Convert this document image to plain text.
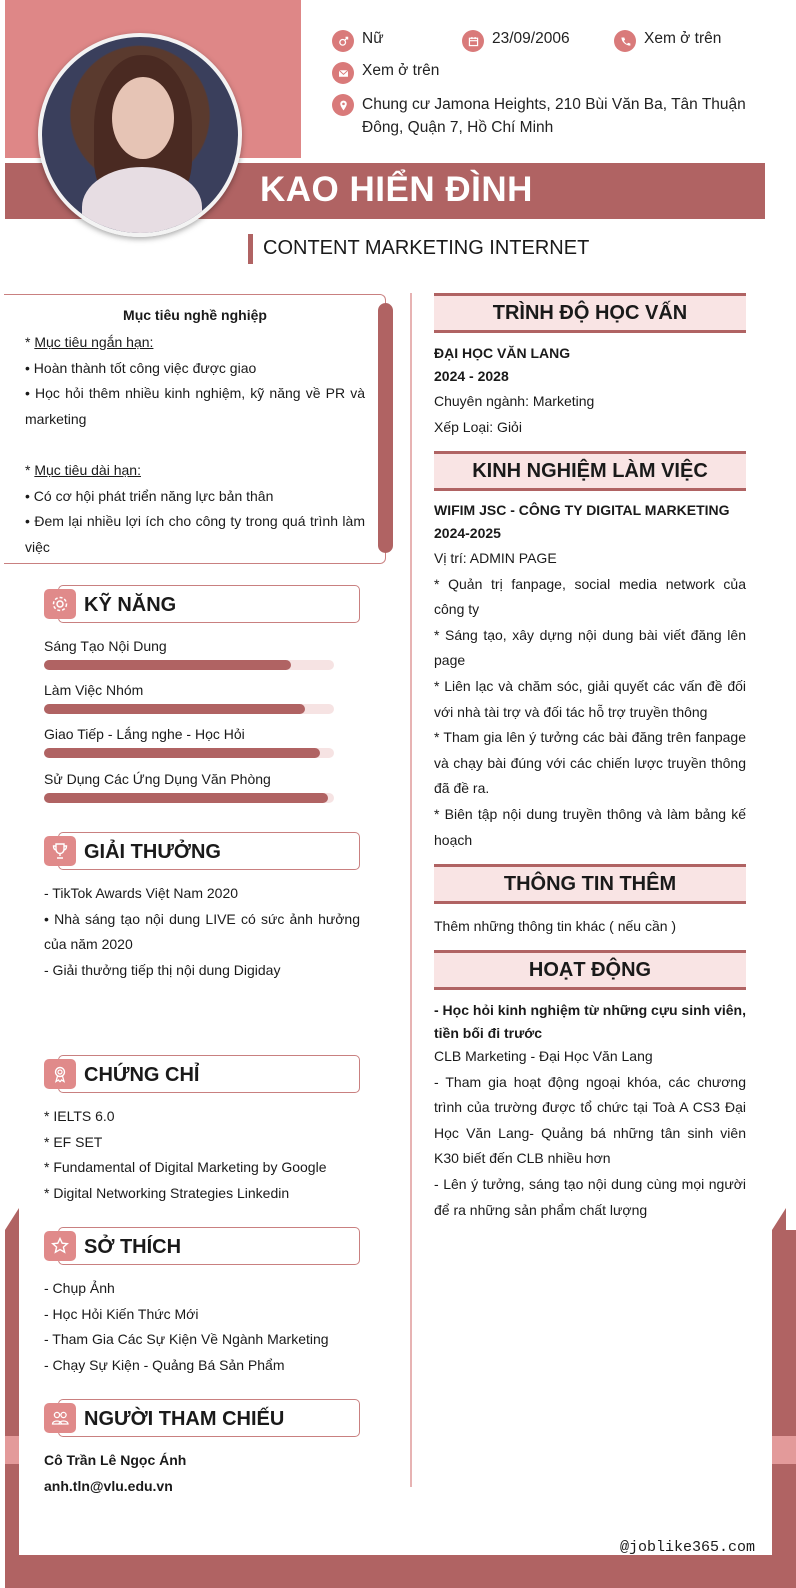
Nữ	23/09/2006	Xem ở trên
Xem ở trên
Chung cư Jamona Heights, 210 Bùi Văn Ba, Tân Thuận Đông, Quận 7, Hồ Chí Minh
KAO HIỂN ĐÌNH
CONTENT MARKETING INTERNET
Mục tiêu nghề nghiệp
* Mục tiêu ngắn hạn:
• Hoàn thành tốt công việc được giao
• Học hỏi thêm nhiều kinh nghiệm, kỹ năng về PR và marketing
* Mục tiêu dài hạn:
• Có cơ hội phát triển năng lực bản thân
• Đem lại nhiều lợi ích cho công ty trong quá trình làm việc
KỸ NĂNG
Sáng Tạo Nội Dung
Làm Việc Nhóm
Giao Tiếp - Lắng nghe - Học Hỏi
Sử Dụng Các Ứng Dụng Văn Phòng
GIẢI THƯỞNG
- TikTok Awards Việt Nam 2020
• Nhà sáng tạo nội dung LIVE có sức ảnh hưởng của năm 2020
- Giải thưởng tiếp thị nội dung Digiday
CHỨNG CHỈ
* IELTS 6.0
* EF SET
* Fundamental of Digital Marketing by Google
* Digital Networking Strategies Linkedin
SỞ THÍCH
- Chụp Ảnh
- Học Hỏi Kiến Thức Mới
- Tham Gia Các Sự Kiện Về Ngành Marketing
- Chạy Sự Kiện - Quảng Bá Sản Phẩm
NGƯỜI THAM CHIẾU
Cô Trần Lê Ngọc Ánh
anh.tln@vlu.edu.vn
TRÌNH ĐỘ HỌC VẤN
ĐẠI HỌC VĂN LANG
2024 - 2028
Chuyên ngành: Marketing
Xếp Loại: Giỏi
KINH NGHIỆM LÀM VIỆC
WIFIM JSC - CÔNG TY DIGITAL MARKETING
2024-2025
Vị trí: ADMIN PAGE
* Quản trị fanpage, social media network của công ty
* Sáng tạo, xây dựng nội dung bài viết đăng lên page
* Liên lạc và chăm sóc, giải quyết các vấn đề đối với nhà tài trợ và đối tác hỗ trợ truyền thông
* Tham gia lên ý tưởng các bài đăng trên fanpage và chạy bài đúng với các chiến lược truyền thông đã đề ra.
* Biên tập nội dung truyền thông và làm bảng kế hoạch
THÔNG TIN THÊM
Thêm những thông tin khác ( nếu cần )
HOẠT ĐỘNG
- Học hỏi kinh nghiệm từ những cựu sinh viên, tiền bối đi trước
CLB Marketing - Đại Học Văn Lang
- Tham gia hoạt động ngoại khóa, các chương trình của trường được tổ chức tại Toà A CS3 Đại Học Văn Lang- Quảng bá những tân sinh viên K30 biết đến CLB nhiều hơn
- Lên ý tưởng, sáng tạo nội dung cùng mọi người để ra những sản phẩm chất lượng
@joblike365.com
